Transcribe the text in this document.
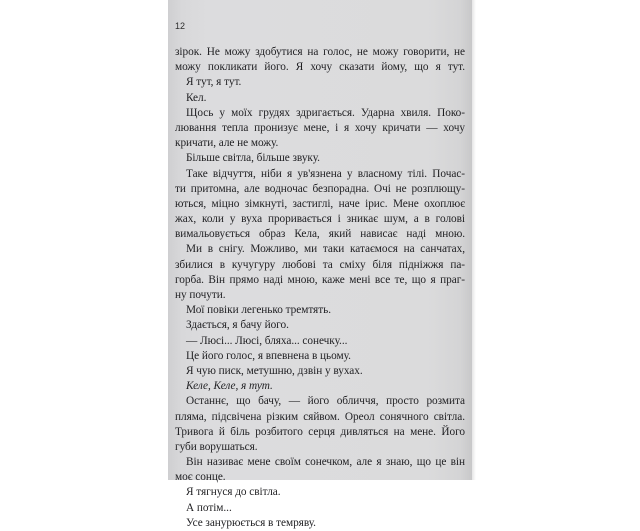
12
зірок. Не можу здобутися на голос, не можу говорити, не
можу покликати його. Я хочу сказати йому, що я тут.
Я тут, я тут.
Кел.
Щось у моїх грудях здригається. Ударна хвиля. Поко-
лювання тепла пронизує мене, і я хочу кричати — хочу
кричати, але не можу.
Більше світла, більше звуку.
Таке відчуття, ніби я ув'язнена у власному тілі. Почас-
ти притомна, але водночас безпорадна. Очі не розплющу-
ються, міцно зімкнуті, застиглі, наче ірис. Мене охоплює
жах, коли у вуха проривається і зникає шум, а в голові
вимальовується образ Кела, який нависає наді мною.
Ми в снігу. Можливо, ми таки катаємося на санчатах,
збилися в кучугуру любові та сміху біля підніжжя па-
горба. Він прямо наді мною, каже мені все те, що я праг-
ну почути.
Мої повіки легенько тремтять.
Здається, я бачу його.
— Люсі... Люсі, бляха... сонечку...
Це його голос, я впевнена в цьому.
Я чую писк, метушню, дзвін у вухах.
Келе, Келе, я тут.
Останнє, що бачу, — його обличчя, просто розмита
пляма, підсвічена різким сяйвом. Ореол сонячного світла.
Тривога й біль розбитого серця дивляться на мене. Його
губи ворушаться.
Він називає мене своїм сонечком, але я знаю, що це він
моє сонце.
Я тягнуся до світла.
А потім...
Усе занурюється в темряву.
